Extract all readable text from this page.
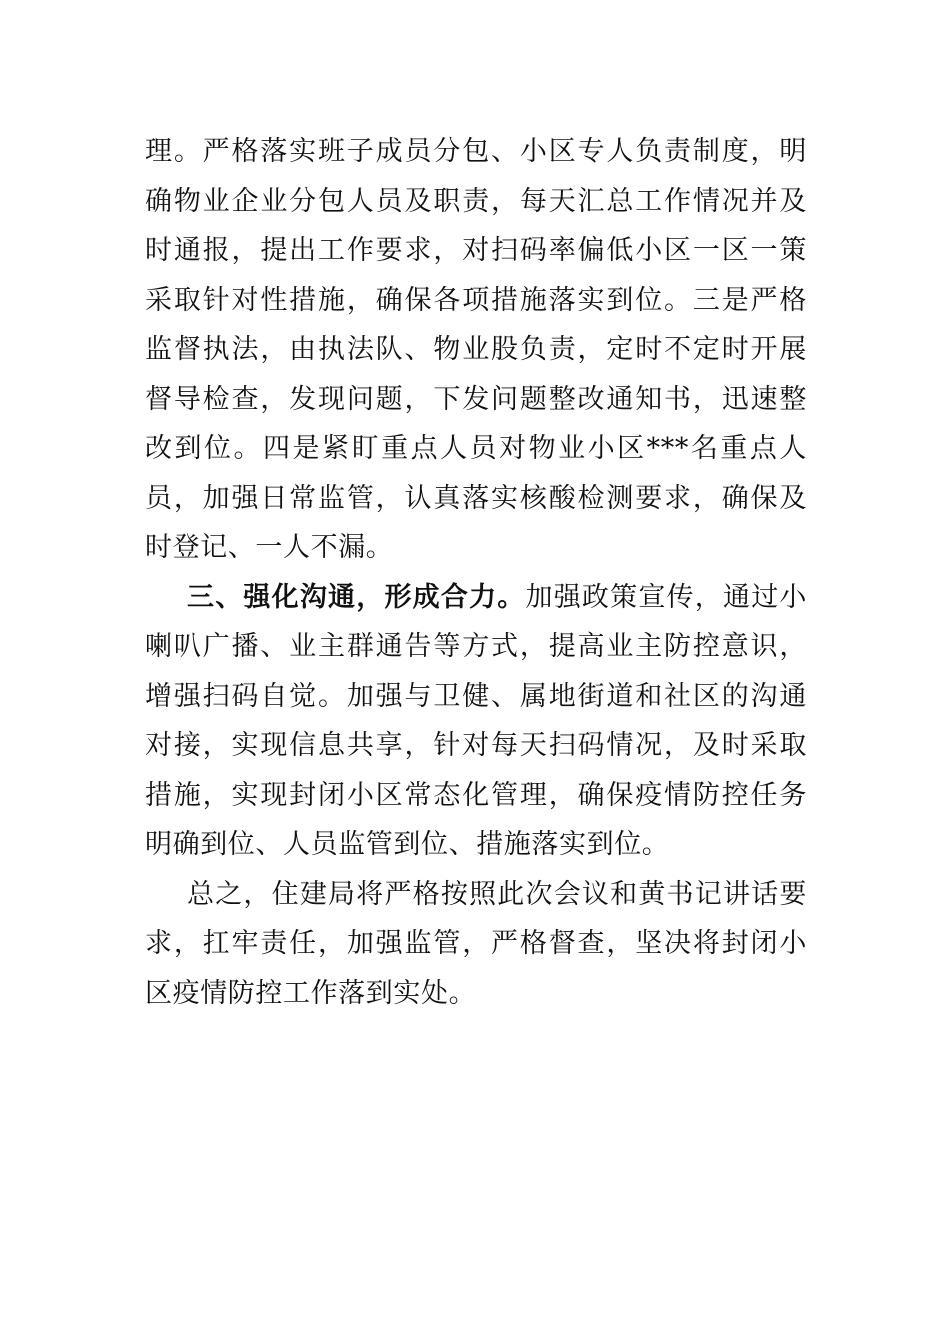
理。严格落实班子成员分包、小区专人负责制度，明确物业企业分包人员及职责，每天汇总工作情况并及时通报，提出工作要求，对扫码率偏低小区一区一策采取针对性措施，确保各项措施落实到位。三是严格监督执法，由执法队、物业股负责，定时不定时开展督导检查，发现问题，下发问题整改通知书，迅速整改到位。四是紧盯重点人员对物业小区***名重点人员，加强日常监管，认真落实核酸检测要求，确保及时登记、一人不漏。

三、强化沟通，形成合力。加强政策宣传，通过小喇叭广播、业主群通告等方式，提高业主防控意识，增强扫码自觉。加强与卫健、属地街道和社区的沟通对接，实现信息共享，针对每天扫码情况，及时采取措施，实现封闭小区常态化管理，确保疫情防控任务明确到位、人员监管到位、措施落实到位。

总之，住建局将严格按照此次会议和黄书记讲话要求，扛牢责任，加强监管，严格督查，坚决将封闭小区疫情防控工作落到实处。
